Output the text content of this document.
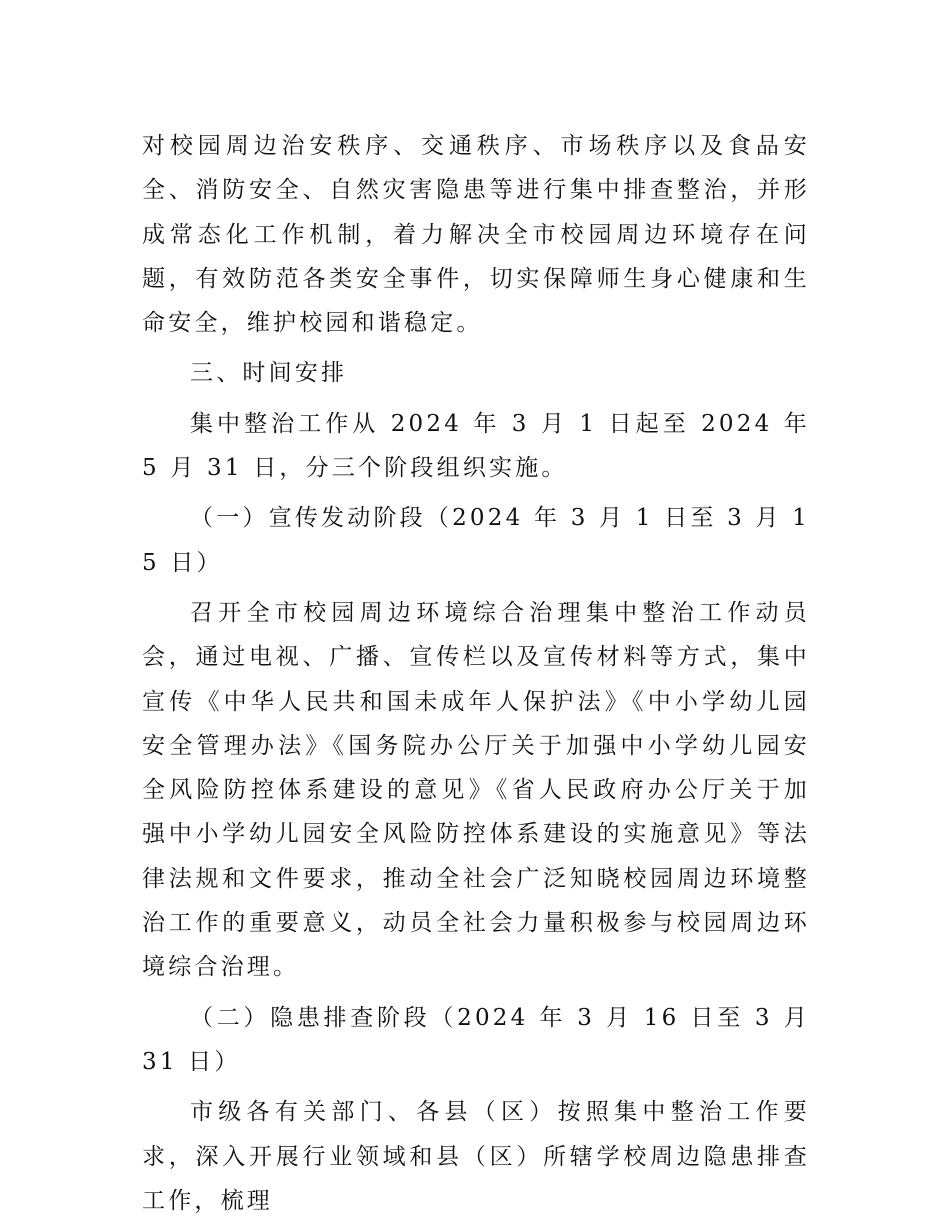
对校园周边治安秩序、交通秩序、市场秩序以及食品安全、消防安全、自然灾害隐患等进行集中排查整治，并形成常态化工作机制，着力解决全市校园周边环境存在问题，有效防范各类安全事件，切实保障师生身心健康和生命安全，维护校园和谐稳定。

三、时间安排

集中整治工作从 2024 年 3 月 1 日起至 2024 年 5 月 31 日，分三个阶段组织实施。

（一）宣传发动阶段（2024 年 3 月 1 日至 3 月 15 日）

召开全市校园周边环境综合治理集中整治工作动员会，通过电视、广播、宣传栏以及宣传材料等方式，集中宣传《中华人民共和国未成年人保护法》《中小学幼儿园安全管理办法》《国务院办公厅关于加强中小学幼儿园安全风险防控体系建设的意见》《省人民政府办公厅关于加强中小学幼儿园安全风险防控体系建设的实施意见》等法律法规和文件要求，推动全社会广泛知晓校园周边环境整治工作的重要意义，动员全社会力量积极参与校园周边环境综合治理。

（二）隐患排查阶段（2024 年 3 月 16 日至 3 月 31 日）

市级各有关部门、各县（区）按照集中整治工作要求，深入开展行业领域和县（区）所辖学校周边隐患排查工作，梳理
